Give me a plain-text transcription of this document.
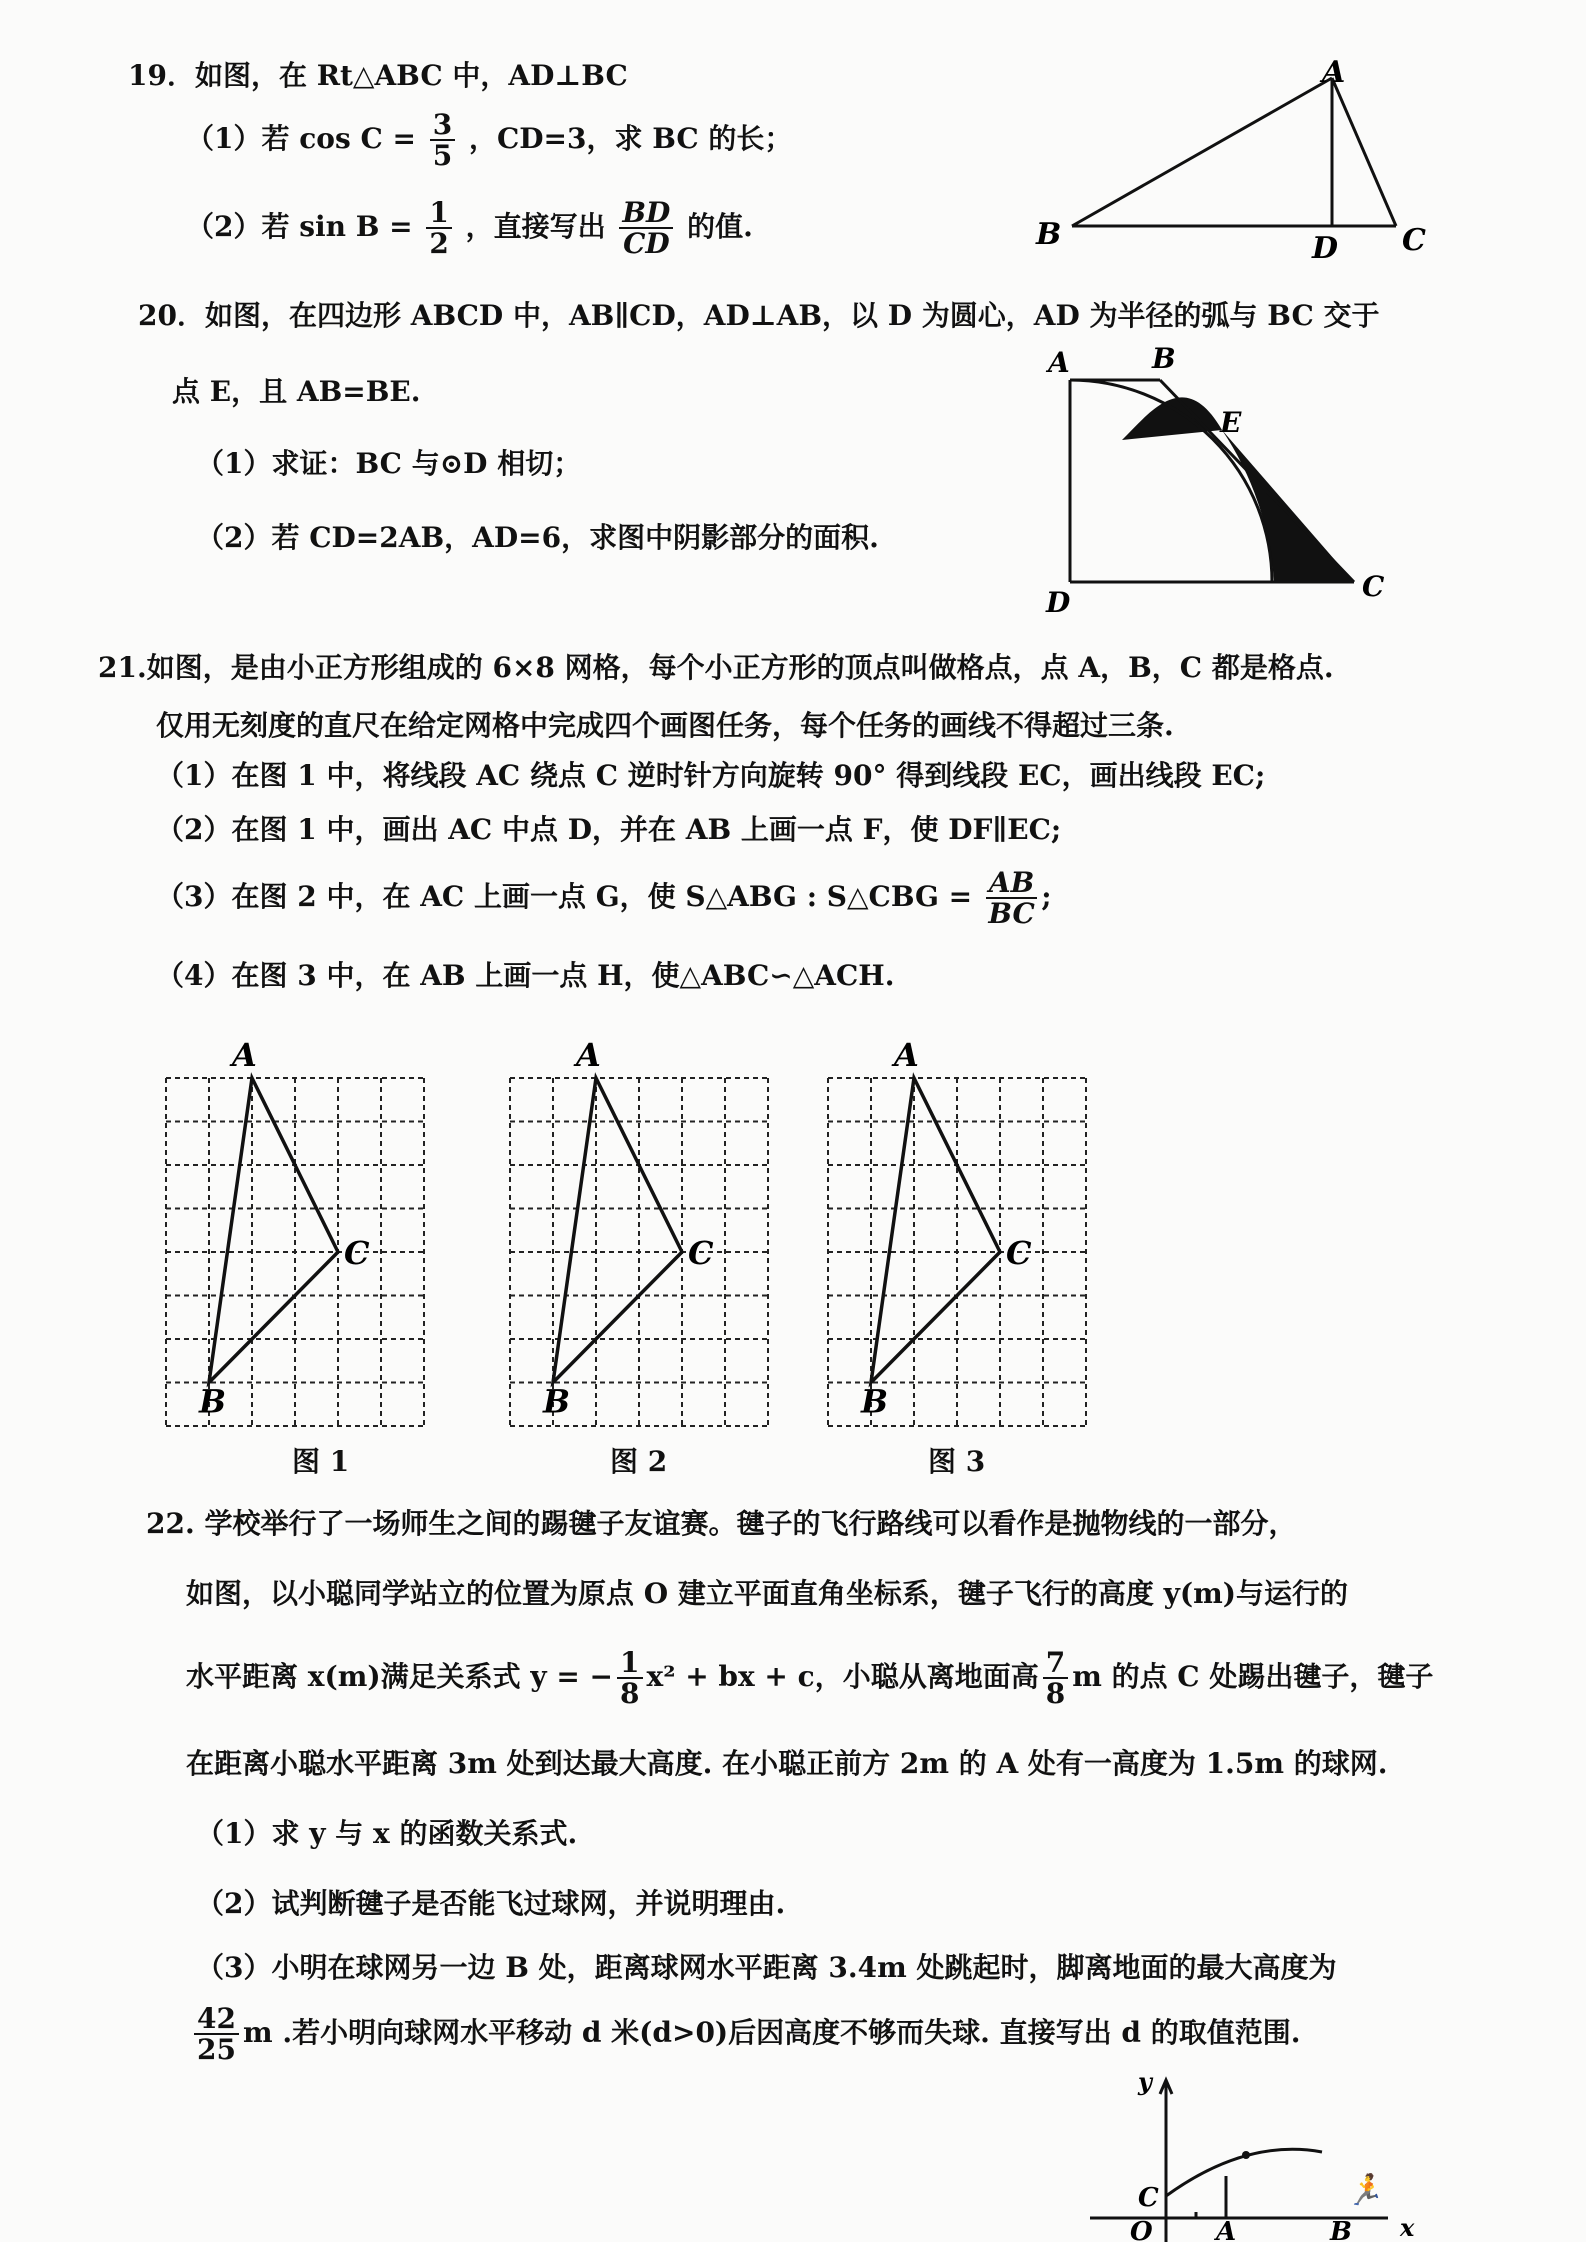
19．如图，在 Rt△ABC 中，AD⊥BC
（1）若 $\cos C = \frac{3}{5}$ ，CD=3，求 BC 的长；
（2）若 $\sin B = \frac{1}{2}$ ，直接写出 $\frac{BD}{CD}$ 的值.
A
B	C
D
20．如图，在四边形 ABCD 中，AB∥CD，AD⊥AB，以 D 为圆心，AD 为半径的弧与 BC 交于
点 E，且 AB=BE.
（1）求证：BC 与⊙D 相切；
（2）若 CD=2AB，AD=6，求图中阴影部分的面积.
A	B
E
C
D
21.如图，是由小正方形组成的 6×8 网格，每个小正方形的顶点叫做格点，点 A，B，C 都是格点.
仅用无刻度的直尺在给定网格中完成四个画图任务，每个任务的画线不得超过三条.
（1）在图 1 中，将线段 AC 绕点 C 逆时针方向旋转 90° 得到线段 EC，画出线段 EC;
（2）在图 1 中，画出 AC 中点 D，并在 AB 上画一点 F，使 DF∥EC;
（3）在图 2 中，在 AC 上画一点 G，使 S△ABG : S△CBG = $\frac{AB}{BC}$ ;
（4）在图 3 中，在 AB 上画一点 H，使△ABC∽△ACH.
A
C
B
A
C
B
A
C
B
图 1	图 2	图 3
22. 学校举行了一场师生之间的踢毽子友谊赛。毽子的飞行路线可以看作是抛物线的一部分，
如图，以小聪同学站立的位置为原点 O 建立平面直角坐标系，毽子飞行的高度 y(m)与运行的
水平距离 x(m)满足关系式 y = − $\frac{1}{8} x^2$ + bx + c，小聪从离地面高 $\frac{7}{8}$ m 的点 C 处踢出毽子，毽子
在距离小聪水平距离 3m 处到达最大高度. 在小聪正前方 2m 的 A 处有一高度为 1.5m 的球网.
（1）求 y 与 x 的函数关系式.
（2）试判断毽子是否能飞过球网，并说明理由.
（3）小明在球网另一边 B 处，距离球网水平距离 3.4m 处跳起时，脚离地面的最大高度为
$\frac{42}{25}$ m .若小明向球网水平移动 d 米(d>0)后因高度不够而失球. 直接写出 d 的取值范围.
🏃
y
x
O A	B
C
